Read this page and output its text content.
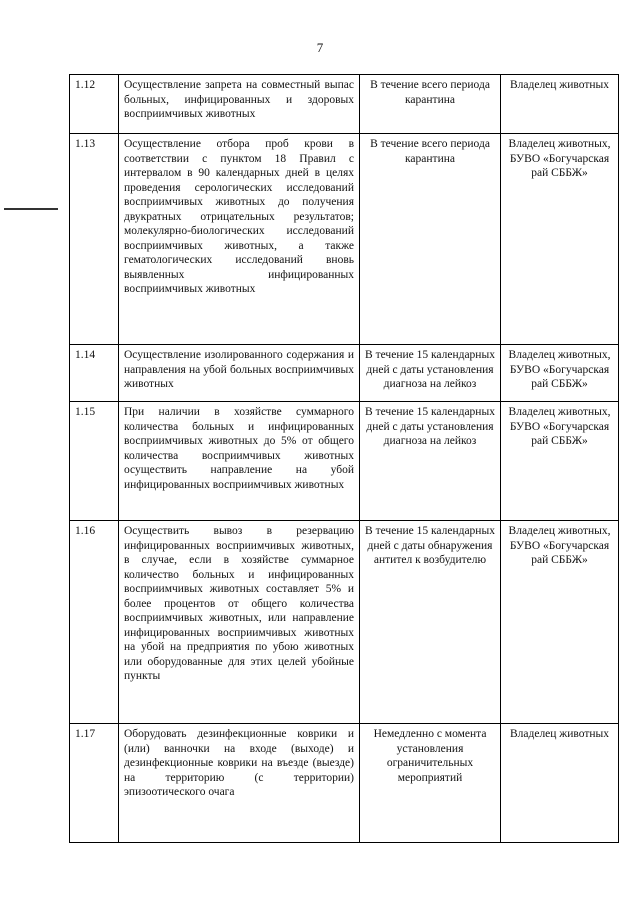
7
1.12	Осуществление запрета на совместный выпас больных, инфицированных и здоровых восприимчивых животных	В течение всего периода карантина	Владелец животных
1.13	Осуществление отбора проб крови в соответствии с пунктом 18 Правил с интервалом в 90 календарных дней в целях проведения серологических исследований восприимчивых животных до получения двукратных отрицательных результатов; молекулярно-биологических исследований восприимчивых животных, а также гематологических исследований вновь выявленных инфицированных восприимчивых животных	В течение всего периода карантина	Владелец животных, БУВО «Богучарская рай СББЖ»
1.14	Осуществление изолированного содержания и направления на убой больных восприимчивых животных	В течение 15 календарных дней с даты установления диагноза на лейкоз	Владелец животных, БУВО «Богучарская рай СББЖ»
1.15	При наличии в хозяйстве суммарного количества больных и инфицированных восприимчивых животных до 5% от общего количества восприимчивых животных осуществить направление на убой инфицированных восприимчивых животных	В течение 15 календарных дней с даты установления диагноза на лейкоз	Владелец животных, БУВО «Богучарская рай СББЖ»
1.16	Осуществить вывоз в резервацию инфицированных восприимчивых животных, в случае, если в хозяйстве суммарное количество больных и инфицированных восприимчивых животных составляет 5% и более процентов от общего количества восприимчивых животных, или направление инфицированных восприимчивых животных на убой на предприятия по убою животных или оборудованные для этих целей убойные пункты	В течение 15 календарных дней с даты обнаружения антител к возбудителю	Владелец животных, БУВО «Богучарская рай СББЖ»
1.17	Оборудовать дезинфекционные коврики и (или) ванночки на входе (выходе) и дезинфекционные коврики на въезде (выезде) на территорию (с территории) эпизоотического очага	Немедленно с момента установления ограничительных мероприятий	Владелец животных
